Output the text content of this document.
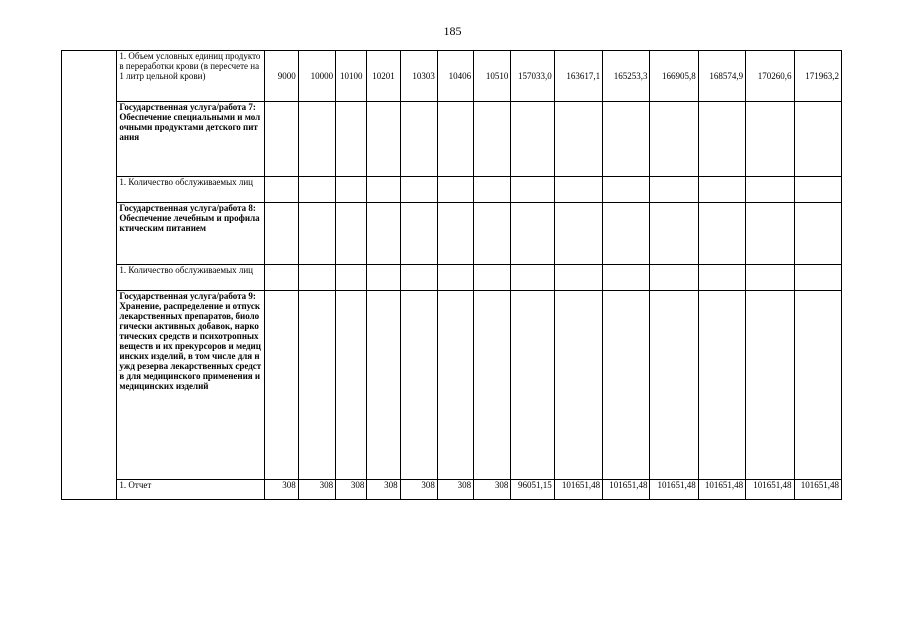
185
	1. Объем условных единиц продуктов переработки крови (в пересчете на 1 литр цельной крови)	9000	10000	10100	10201	10303	10406	10510	157033,0	163617,1	165253,3	166905,8	168574,9	170260,6	171963,2
	Государственная услуга/работа 7: Обеспечение специальными и молочными продуктами детского питания														
	1. Количество обслуживаемых лиц														
	Государственная услуга/работа 8: Обеспечение лечебным и профилактическим питанием														
	1. Количество обслуживаемых лиц														
	Государственная услуга/работа 9: Хранение, распределение и отпуск лекарственных препаратов, биологически активных добавок, наркотических средств и психотропных веществ и их прекурсоров и медицинских изделий, в том числе для нужд резерва лекарственных средств для медицинского применения и медицинских изделий														
	1. Отчет	308	308	308	308	308	308	308	96051,15	101651,48	101651,48	101651,48	101651,48	101651,48	101651,48
